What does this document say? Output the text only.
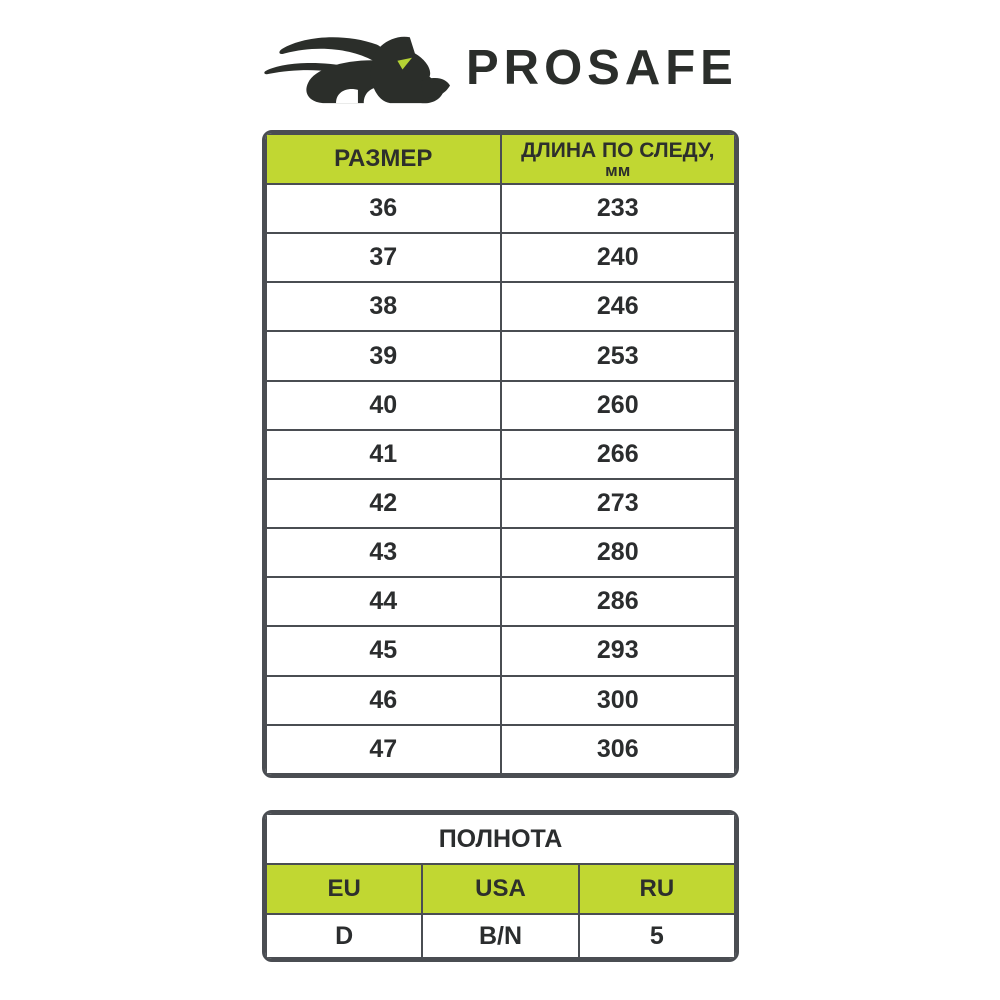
PROSAFE
РАЗМЕР	ДЛИНА ПО СЛЕДУ,
мм

36	233
37	240
38	246
39	253
40	260
41	266
42	273
43	280
44	286
45	293
46	300
47	306
ПОЛНОТА		
EU	USA	RU
D	B/N	5
